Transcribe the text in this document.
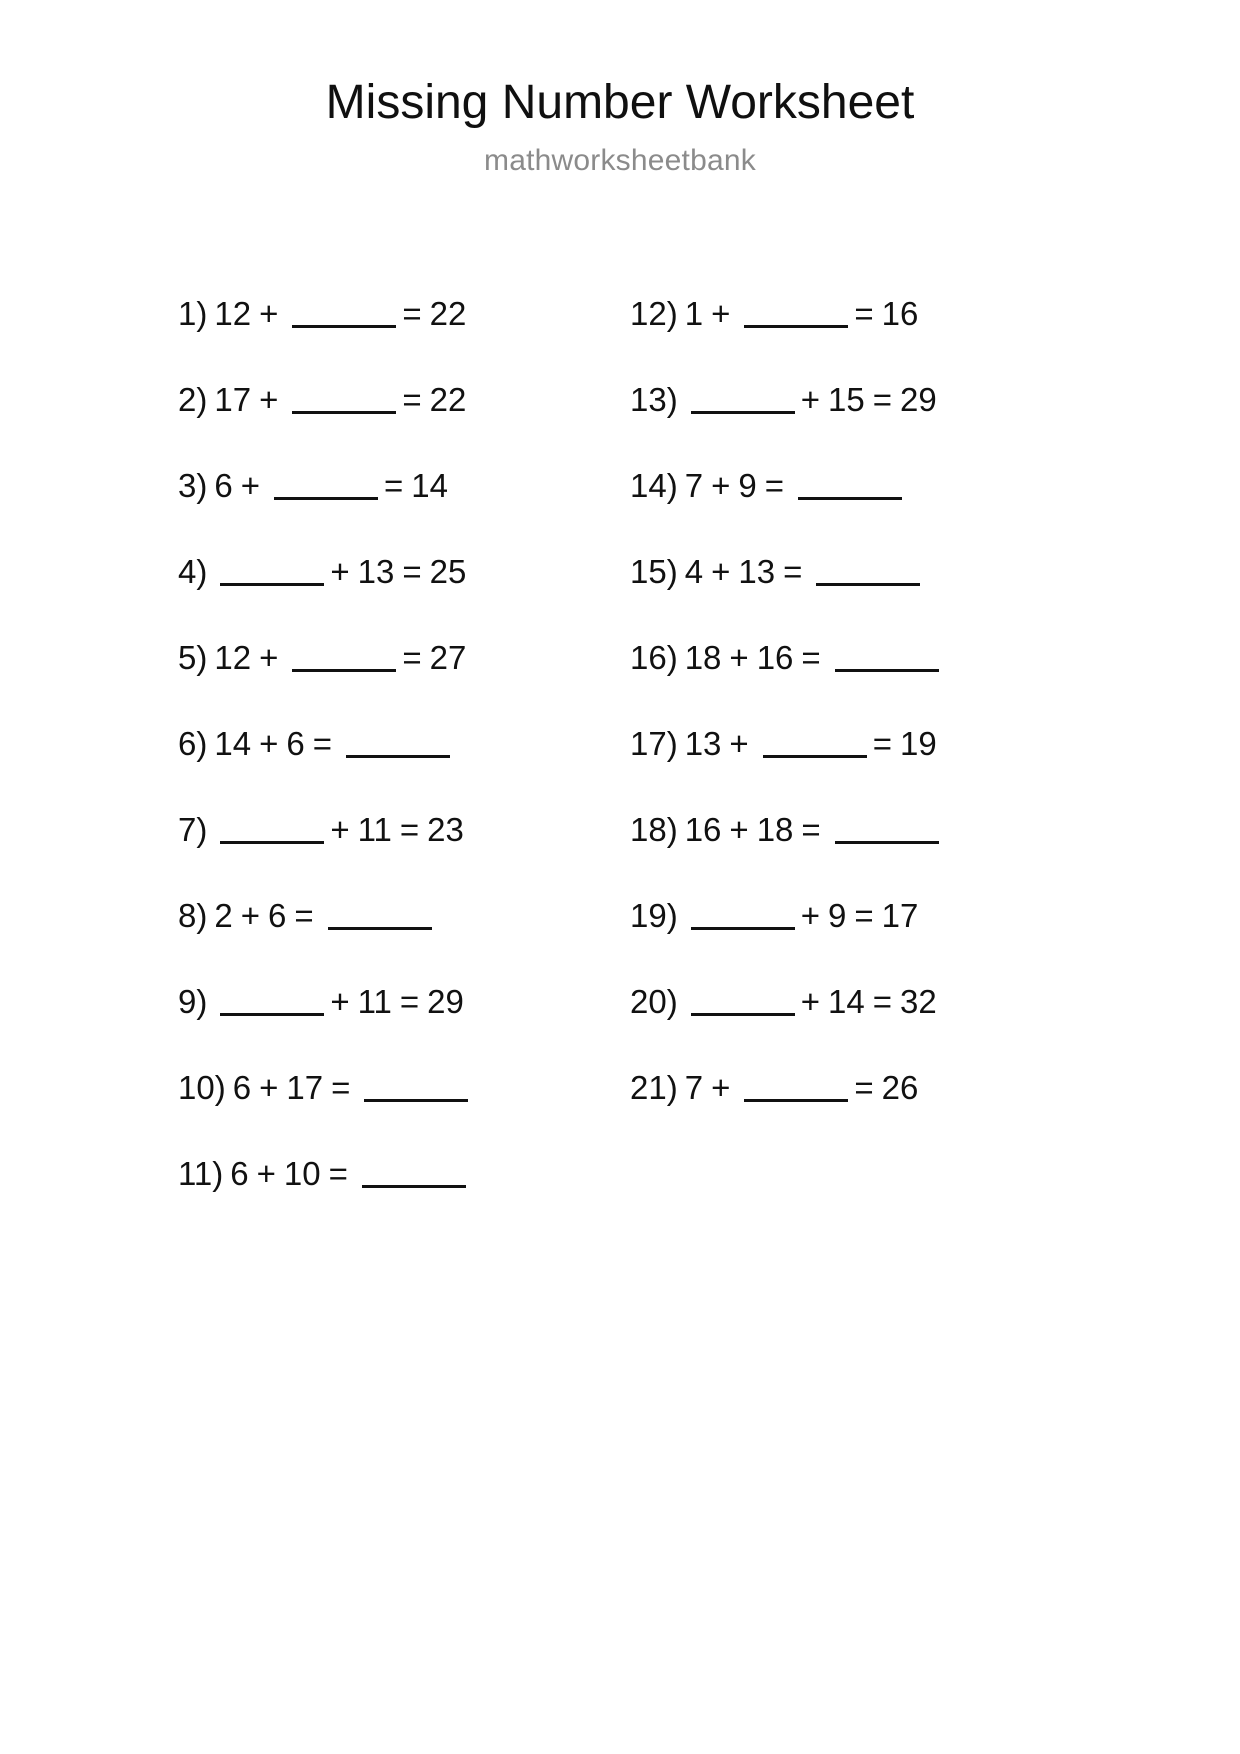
Missing Number Worksheet

mathworksheetbank

1) 12 +	= 22
2) 17 +	= 22
3) 6 +	= 14
4)	+ 13 = 25
5) 12 +	= 27
6) 14 + 6 =
7)	+ 11 = 23
8) 2 + 6 =
9)	+ 11 = 29
10) 6 + 17 =
11) 6 + 10 =
12) 1 +	= 16
13)	+ 15 = 29
14) 7 + 9 =
15) 4 + 13 =
16) 18 + 16 =
17) 13 +	= 19
18) 16 + 18 =
19)	+ 9 = 17
20)	+ 14 = 32
21) 7 +	= 26
